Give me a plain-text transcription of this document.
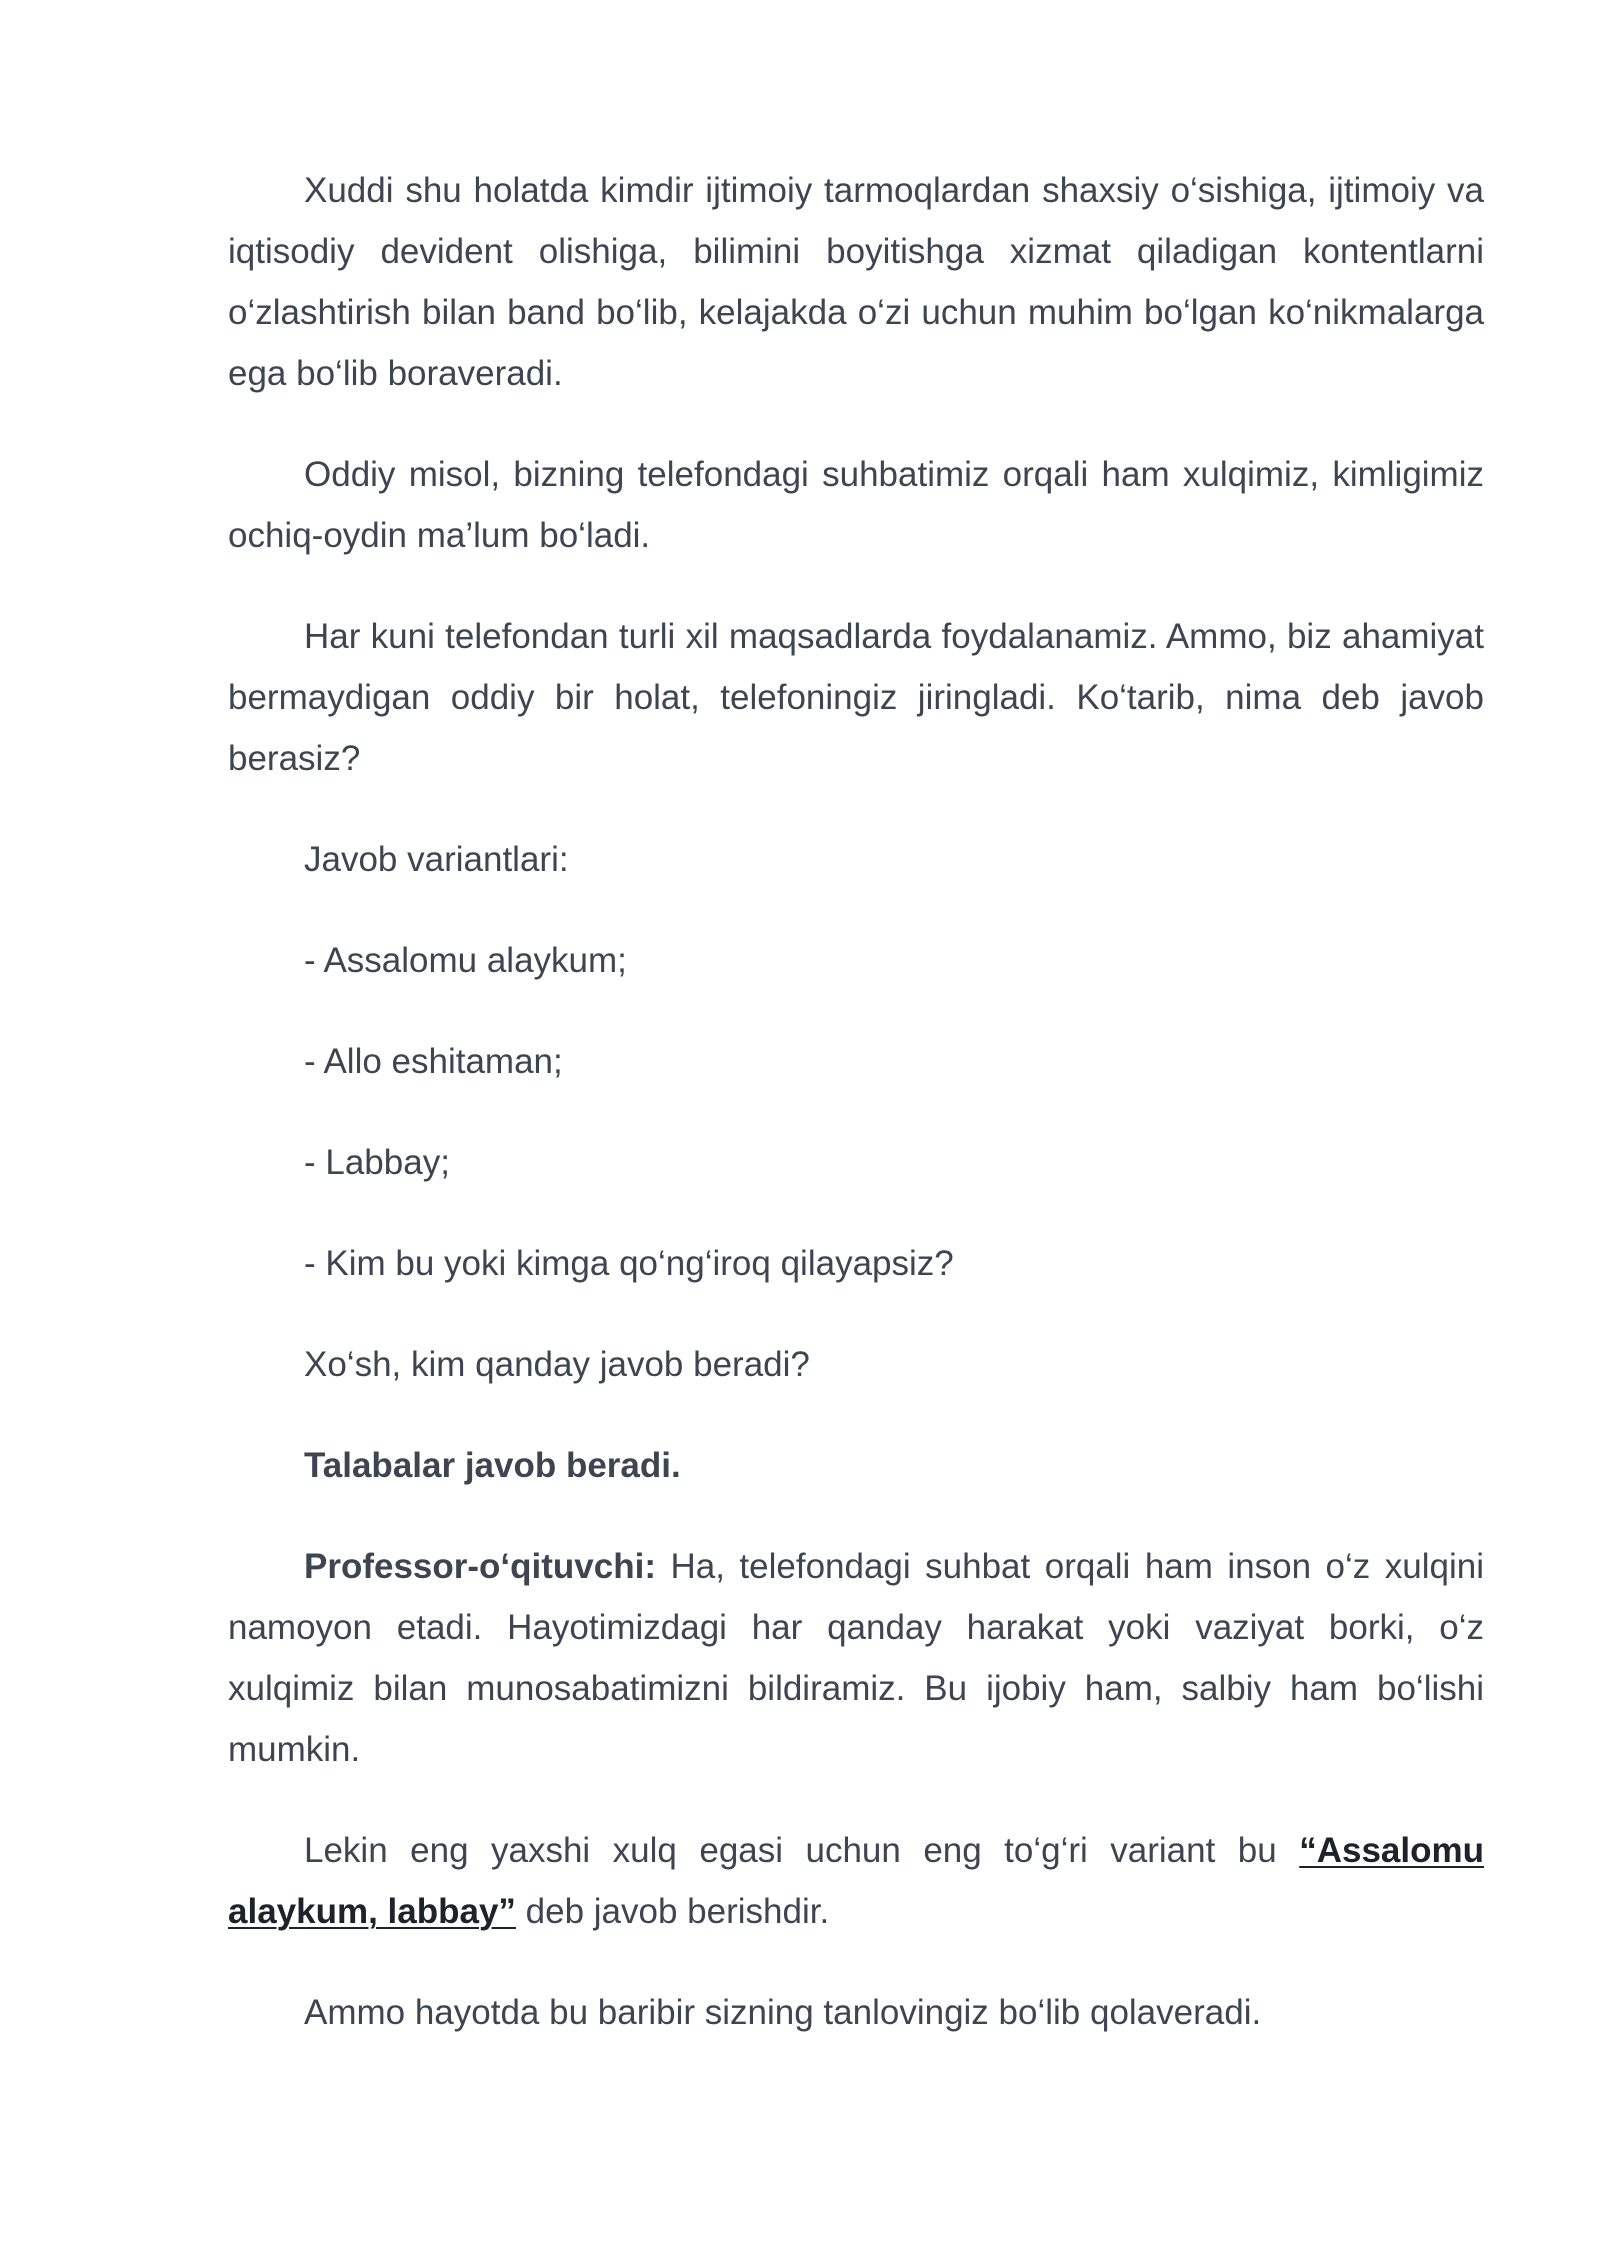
Xuddi shu holatda kimdir ijtimoiy tarmoqlardan shaxsiy o‘sishiga, ijtimoiy va iqtisodiy devident olishiga, bilimini boyitishga xizmat qiladigan kontentlarni o‘zlashtirish bilan band bo‘lib, kelajakda o‘zi uchun muhim bo‘lgan ko‘nikmalarga ega bo‘lib boraveradi.

Oddiy misol, bizning telefondagi suhbatimiz orqali ham xulqimiz, kimligimiz ochiq-oydin ma’lum bo‘ladi.

Har kuni telefondan turli xil maqsadlarda foydalanamiz. Ammo, biz ahamiyat bermaydigan oddiy bir holat, telefoningiz jiringladi. Ko‘tarib, nima deb javob berasiz?

Javob variantlari:
- Assalomu alaykum;
- Allo eshitaman;
- Labbay;
- Kim bu yoki kimga qo‘ng‘iroq qilayapsiz?
Xo‘sh, kim qanday javob beradi?
Talabalar javob beradi.

Professor-o‘qituvchi: Ha, telefondagi suhbat orqali ham inson o‘z xulqini namoyon etadi. Hayotimizdagi har qanday harakat yoki vaziyat borki, o‘z xulqimiz bilan munosabatimizni bildiramiz. Bu ijobiy ham, salbiy ham bo‘lishi mumkin.

Lekin eng yaxshi xulq egasi uchun eng to‘g‘ri variant bu “Assalomu alaykum, labbay” deb javob berishdir.

Ammo hayotda bu baribir sizning tanlovingiz bo‘lib qolaveradi.
